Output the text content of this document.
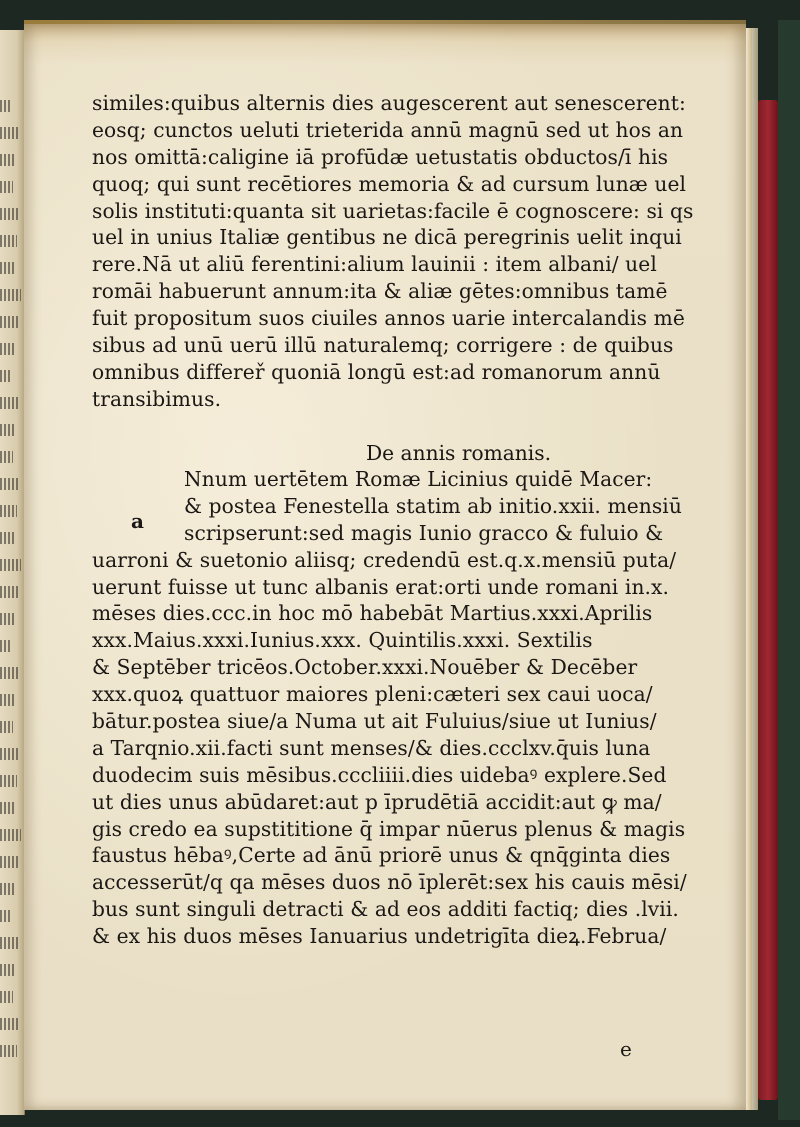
similes:quibus alternis dies augescerent aut senescerent:
eosq; cunctos ueluti trieterida annū magnū sed ut hos an
nos omittā:caligine iā profūdæ uetustatis obductos/ī his
quoq; qui sunt recētiores memoria & ad cursum lunæ uel
solis instituti:quanta sit uarietas:facile ē cognoscere: si qs
uel in unius Italiæ gentibus ne dicā peregrinis uelit inqui
rere.Nā ut aliū ferentini:alium lauinii : item albani/ uel
romāi habuerunt annum:ita & aliæ gētes:omnibus tamē
fuit propositum suos ciuiles annos uarie intercalandis mē
sibus ad unū uerū illū naturalemq; corrigere : de quibus
omnibus differeř quoniā longū est:ad romanorum annū
transibimus.
De annis romanis.
a
Nnum uertētem Romæ Licinius quidē Macer:
& postea Fenestella statim ab initio.xxii. mensiū
scripserunt:sed magis Iunio gracco & fuluio &
uarroni & suetonio aliisq; credendū est.q.x.mensiū puta/
uerunt fuisse ut tunc albanis erat:orti unde romani in.x.
mēses dies.ccc.in hoc mō habebāt Martius.xxxi.Aprilis
xxx.Maius.xxxi.Iunius.xxx. Quintilis.xxxi. Sextilis
& Septēber tricēos.October.xxxi.Nouēber & Decēber
xxx.quoꝝ quattuor maiores pleni:cæteri sex caui uoca/
bātur.postea siue/a Numa ut ait Fuluius/siue ut Iunius/
a Tarqnio.xii.facti sunt menses/& dies.ccclxv.q̄uis luna
duodecim suis mēsibus.cccliiii.dies uidebaꝰ explere.Sed
ut dies unus abūdaret:aut p īprudētiā accidit:aut ꝙ ma/
gis credo ea supstititione q̄ impar nūerus plenus & magis
faustus hēbaꝰ,Certe ad ānū priorē unus & qnq̄ginta dies
accesserūt/q qa mēses duos nō īplerēt:sex his cauis mēsi/
bus sunt singuli detracti & ad eos additi factiq; dies .lvii.
& ex his duos mēses Ianuarius undetrigīta dieꝝ.Februa/
e
